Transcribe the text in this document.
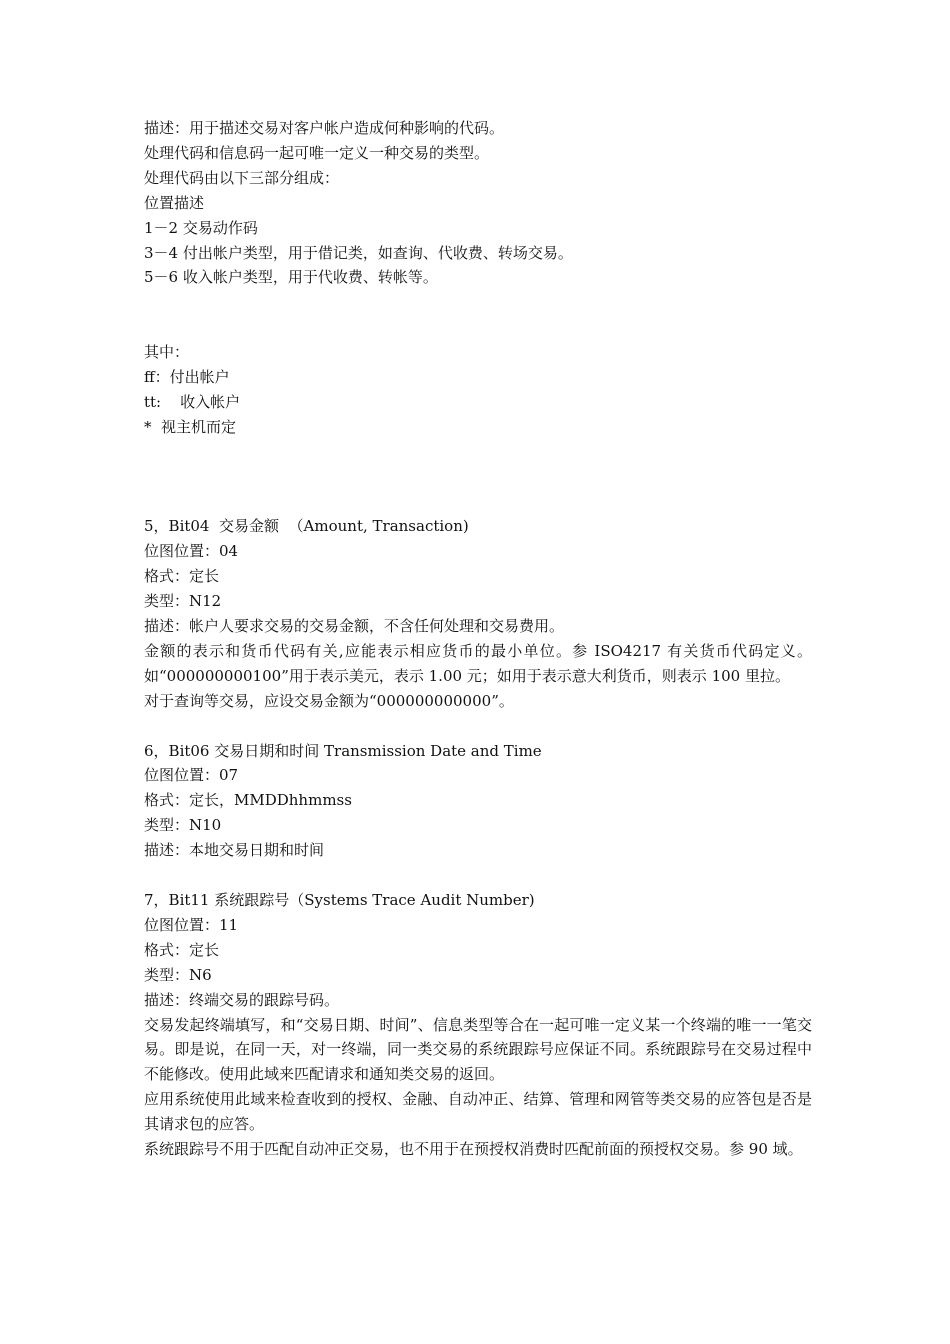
描述：用于描述交易对客户帐户造成何种影响的代码。
处理代码和信息码一起可唯一定义一种交易的类型。
处理代码由以下三部分组成：
位置描述
1－2 交易动作码
3－4 付出帐户类型，用于借记类，如查询、代收费、转场交易。
5－6 收入帐户类型，用于代收费、转帐等。
其中：
ff：付出帐户
tt:    收入帐户
*  视主机而定
5，Bit04  交易金额  （Amount, Transaction)
位图位置：04
格式：定长
类型：N12
描述：帐户人要求交易的交易金额，不含任何处理和交易费用。
金额的表示和货币代码有关,应能表示相应货币的最小单位。参 ISO4217 有关货币代码定义。如“000000000100”用于表示美元，表示 1.00 元；如用于表示意大利货币，则表示 100 里拉。
对于查询等交易，应设交易金额为“000000000000”。
6，Bit06 交易日期和时间 Transmission Date and Time
位图位置：07
格式：定长，MMDDhhmmss
类型：N10
描述：本地交易日期和时间
7，Bit11 系统跟踪号（Systems Trace Audit Number)
位图位置：11
格式：定长
类型：N6
描述：终端交易的跟踪号码。
交易发起终端填写，和“交易日期、时间”、信息类型等合在一起可唯一定义某一个终端的唯一一笔交易。即是说，在同一天，对一终端，同一类交易的系统跟踪号应保证不同。系统跟踪号在交易过程中不能修改。使用此域来匹配请求和通知类交易的返回。
应用系统使用此域来检查收到的授权、金融、自动冲正、结算、管理和网管等类交易的应答包是否是其请求包的应答。
系统跟踪号不用于匹配自动冲正交易，也不用于在预授权消费时匹配前面的预授权交易。参 90 域。
